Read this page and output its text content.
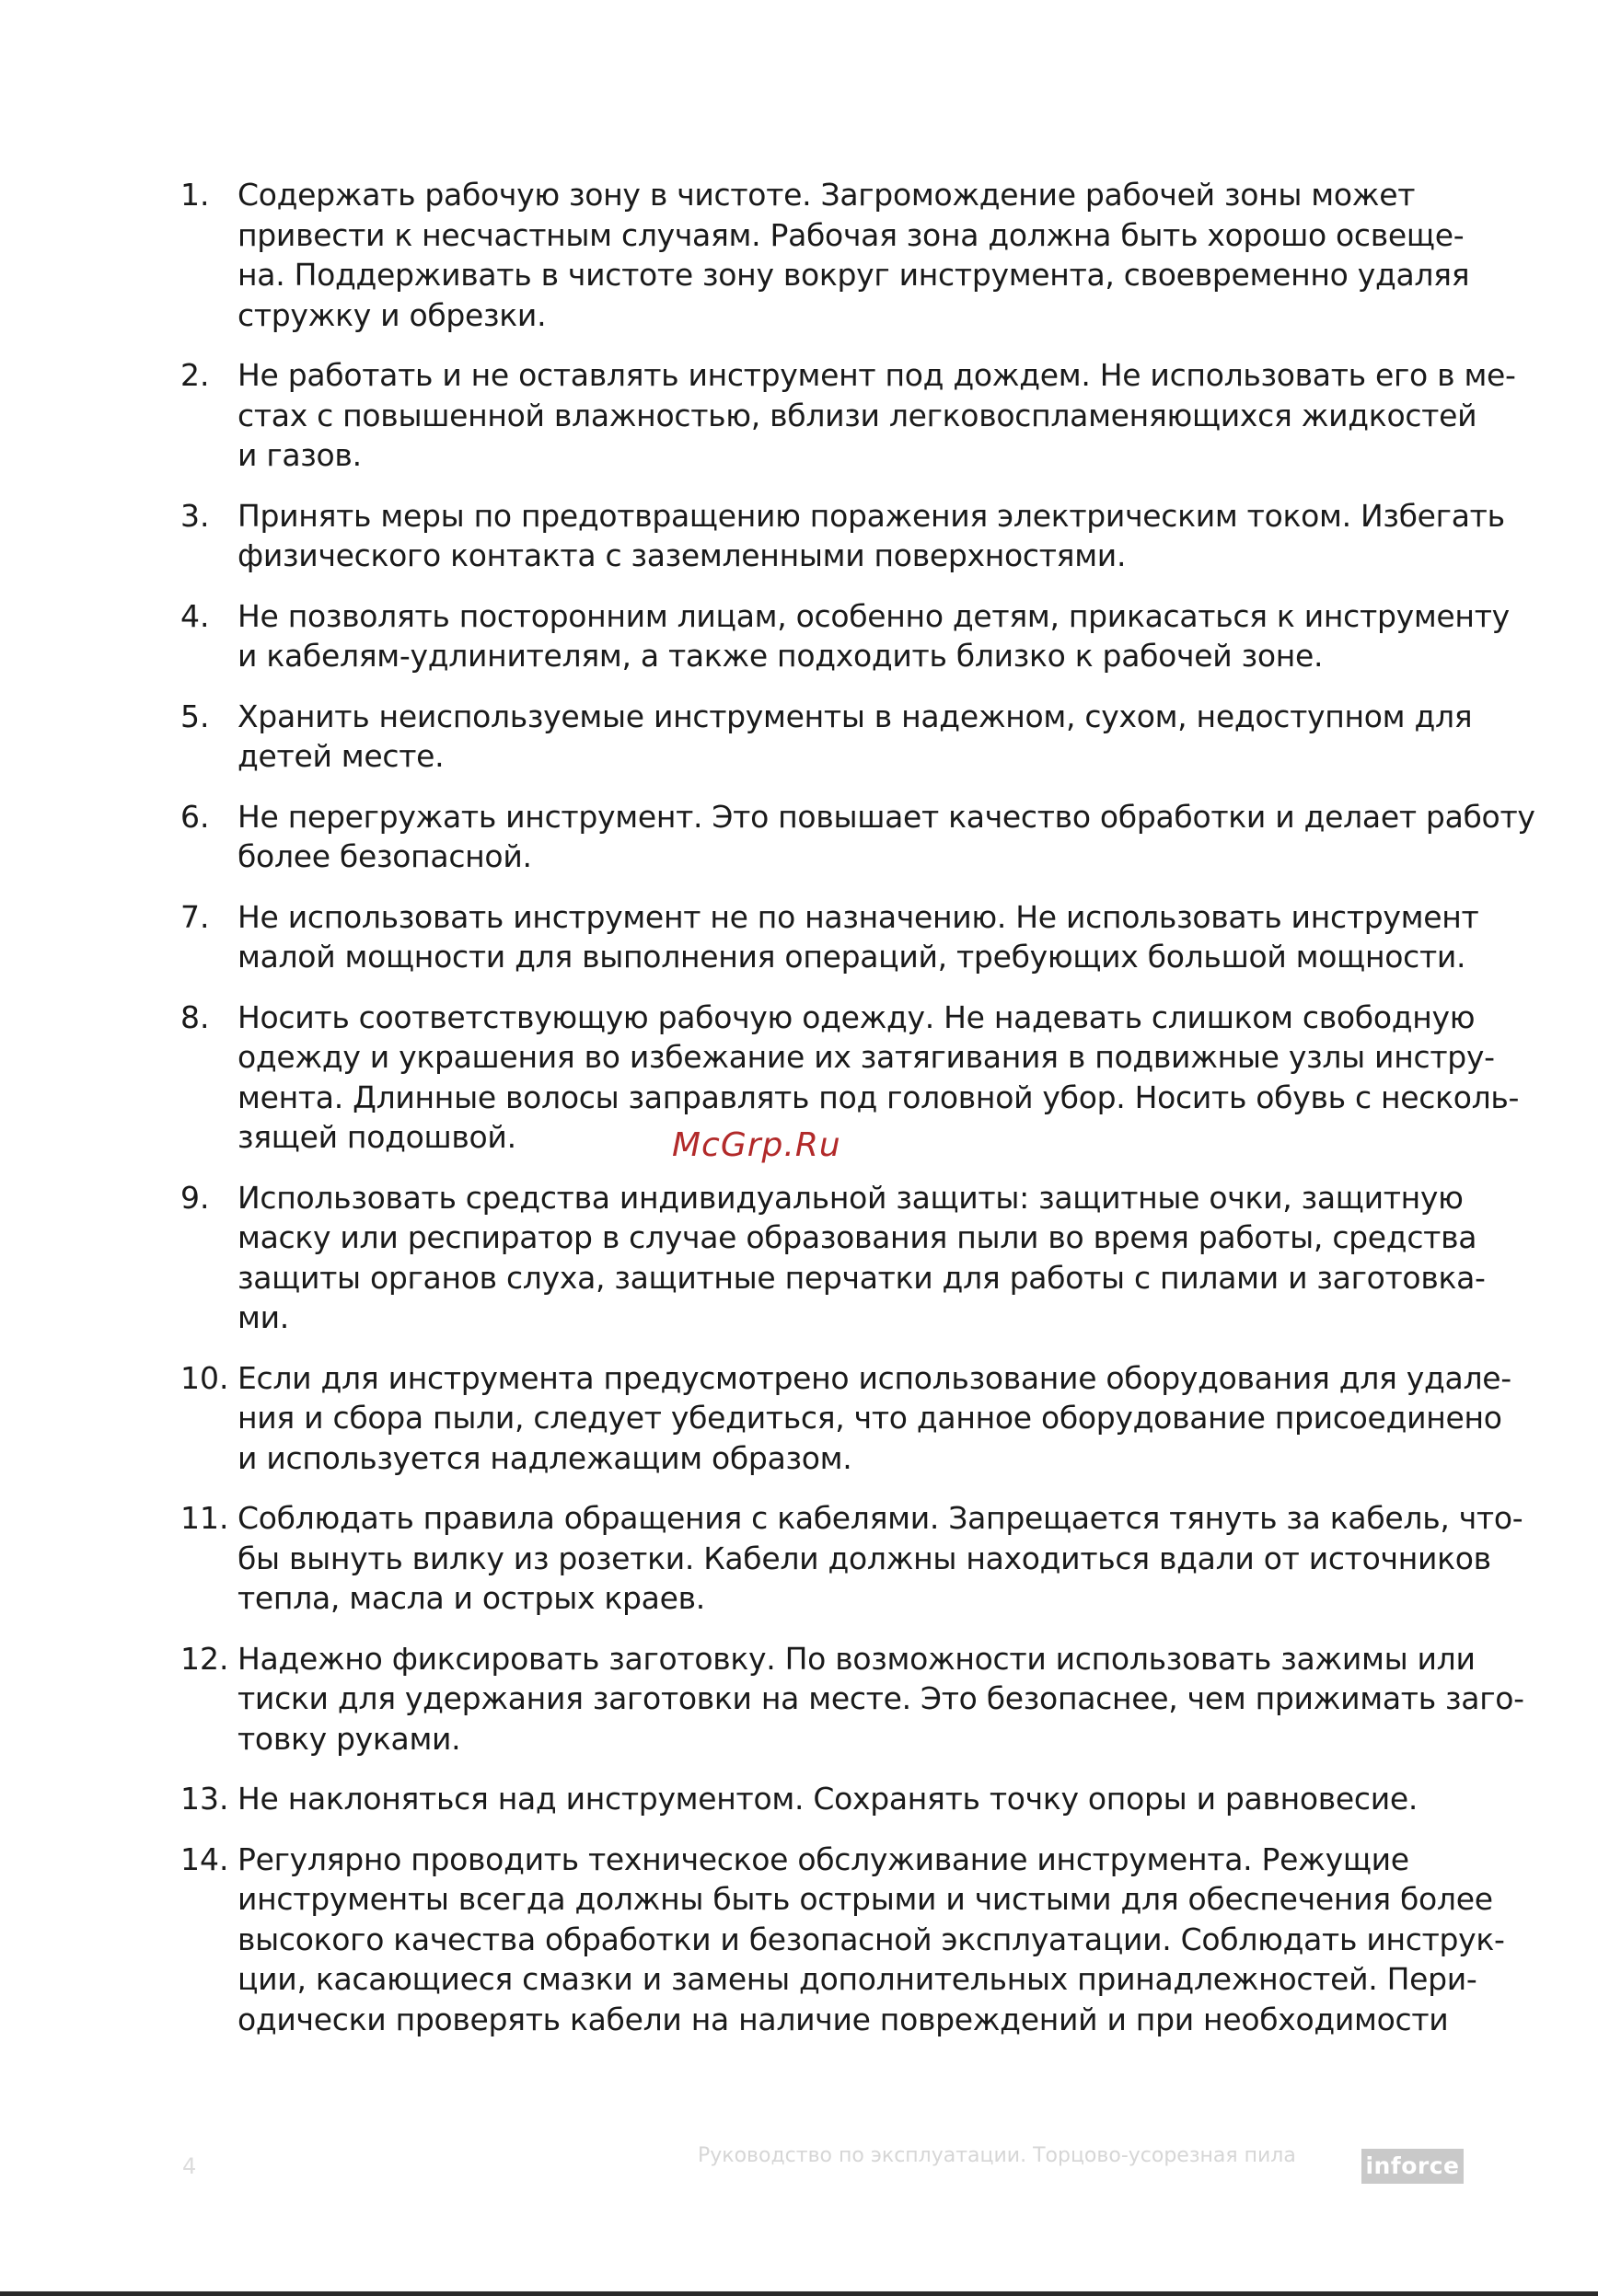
1. Содержать рабочую зону в чистоте. Загромождение рабочей зоны может
привести к несчастным случаям. Рабочая зона должна быть хорошо освеще-
на. Поддерживать в чистоте зону вокруг инструмента, своевременно удаляя
стружку и обрезки.
2. Не работать и не оставлять инструмент под дождем. Не использовать его в ме-
стах с повышенной влажностью, вблизи легковоспламеняющихся жидкостей
и газов.
3. Принять меры по предотвращению поражения электрическим током. Избегать
физического контакта с заземленными поверхностями.
4. Не позволять посторонним лицам, особенно детям, прикасаться к инструменту
и кабелям-удлинителям, а также подходить близко к рабочей зоне.
5. Хранить неиспользуемые инструменты в надежном, сухом, недоступном для
детей месте.
6. Не перегружать инструмент. Это повышает качество обработки и делает работу
более безопасной.
7. Не использовать инструмент не по назначению. Не использовать инструмент
малой мощности для выполнения операций, требующих большой мощности.
8. Носить соответствующую рабочую одежду. Не надевать слишком свободную
одежду и украшения во избежание их затягивания в подвижные узлы инстру-
мента. Длинные волосы заправлять под головной убор. Носить обувь с несколь-
зящей подошвой.
9. Использовать средства индивидуальной защиты: защитные очки, защитную
маску или респиратор в случае образования пыли во время работы, средства
защиты органов слуха, защитные перчатки для работы с пилами и заготовка-
ми.
10. Если для инструмента предусмотрено использование оборудования для удале-
ния и сбора пыли, следует убедиться, что данное оборудование присоединено
и используется надлежащим образом.
11. Соблюдать правила обращения с кабелями. Запрещается тянуть за кабель, что-
бы вынуть вилку из розетки. Кабели должны находиться вдали от источников
тепла, масла и острых краев.
12. Надежно фиксировать заготовку. По возможности использовать зажимы или
тиски для удержания заготовки на месте. Это безопаснее, чем прижимать заго-
товку руками.
13. Не наклоняться над инструментом. Сохранять точку опоры и равновесие.
14. Регулярно проводить техническое обслуживание инструмента. Режущие
инструменты всегда должны быть острыми и чистыми для обеспечения более
высокого качества обработки и безопасной эксплуатации. Соблюдать инструк-
ции, касающиеся смазки и замены дополнительных принадлежностей. Пери-
одически проверять кабели на наличие повреждений и при необходимости
McGrp.Ru
4	Руководство по эксплуатации. Торцово-усорезная пила	inforce
